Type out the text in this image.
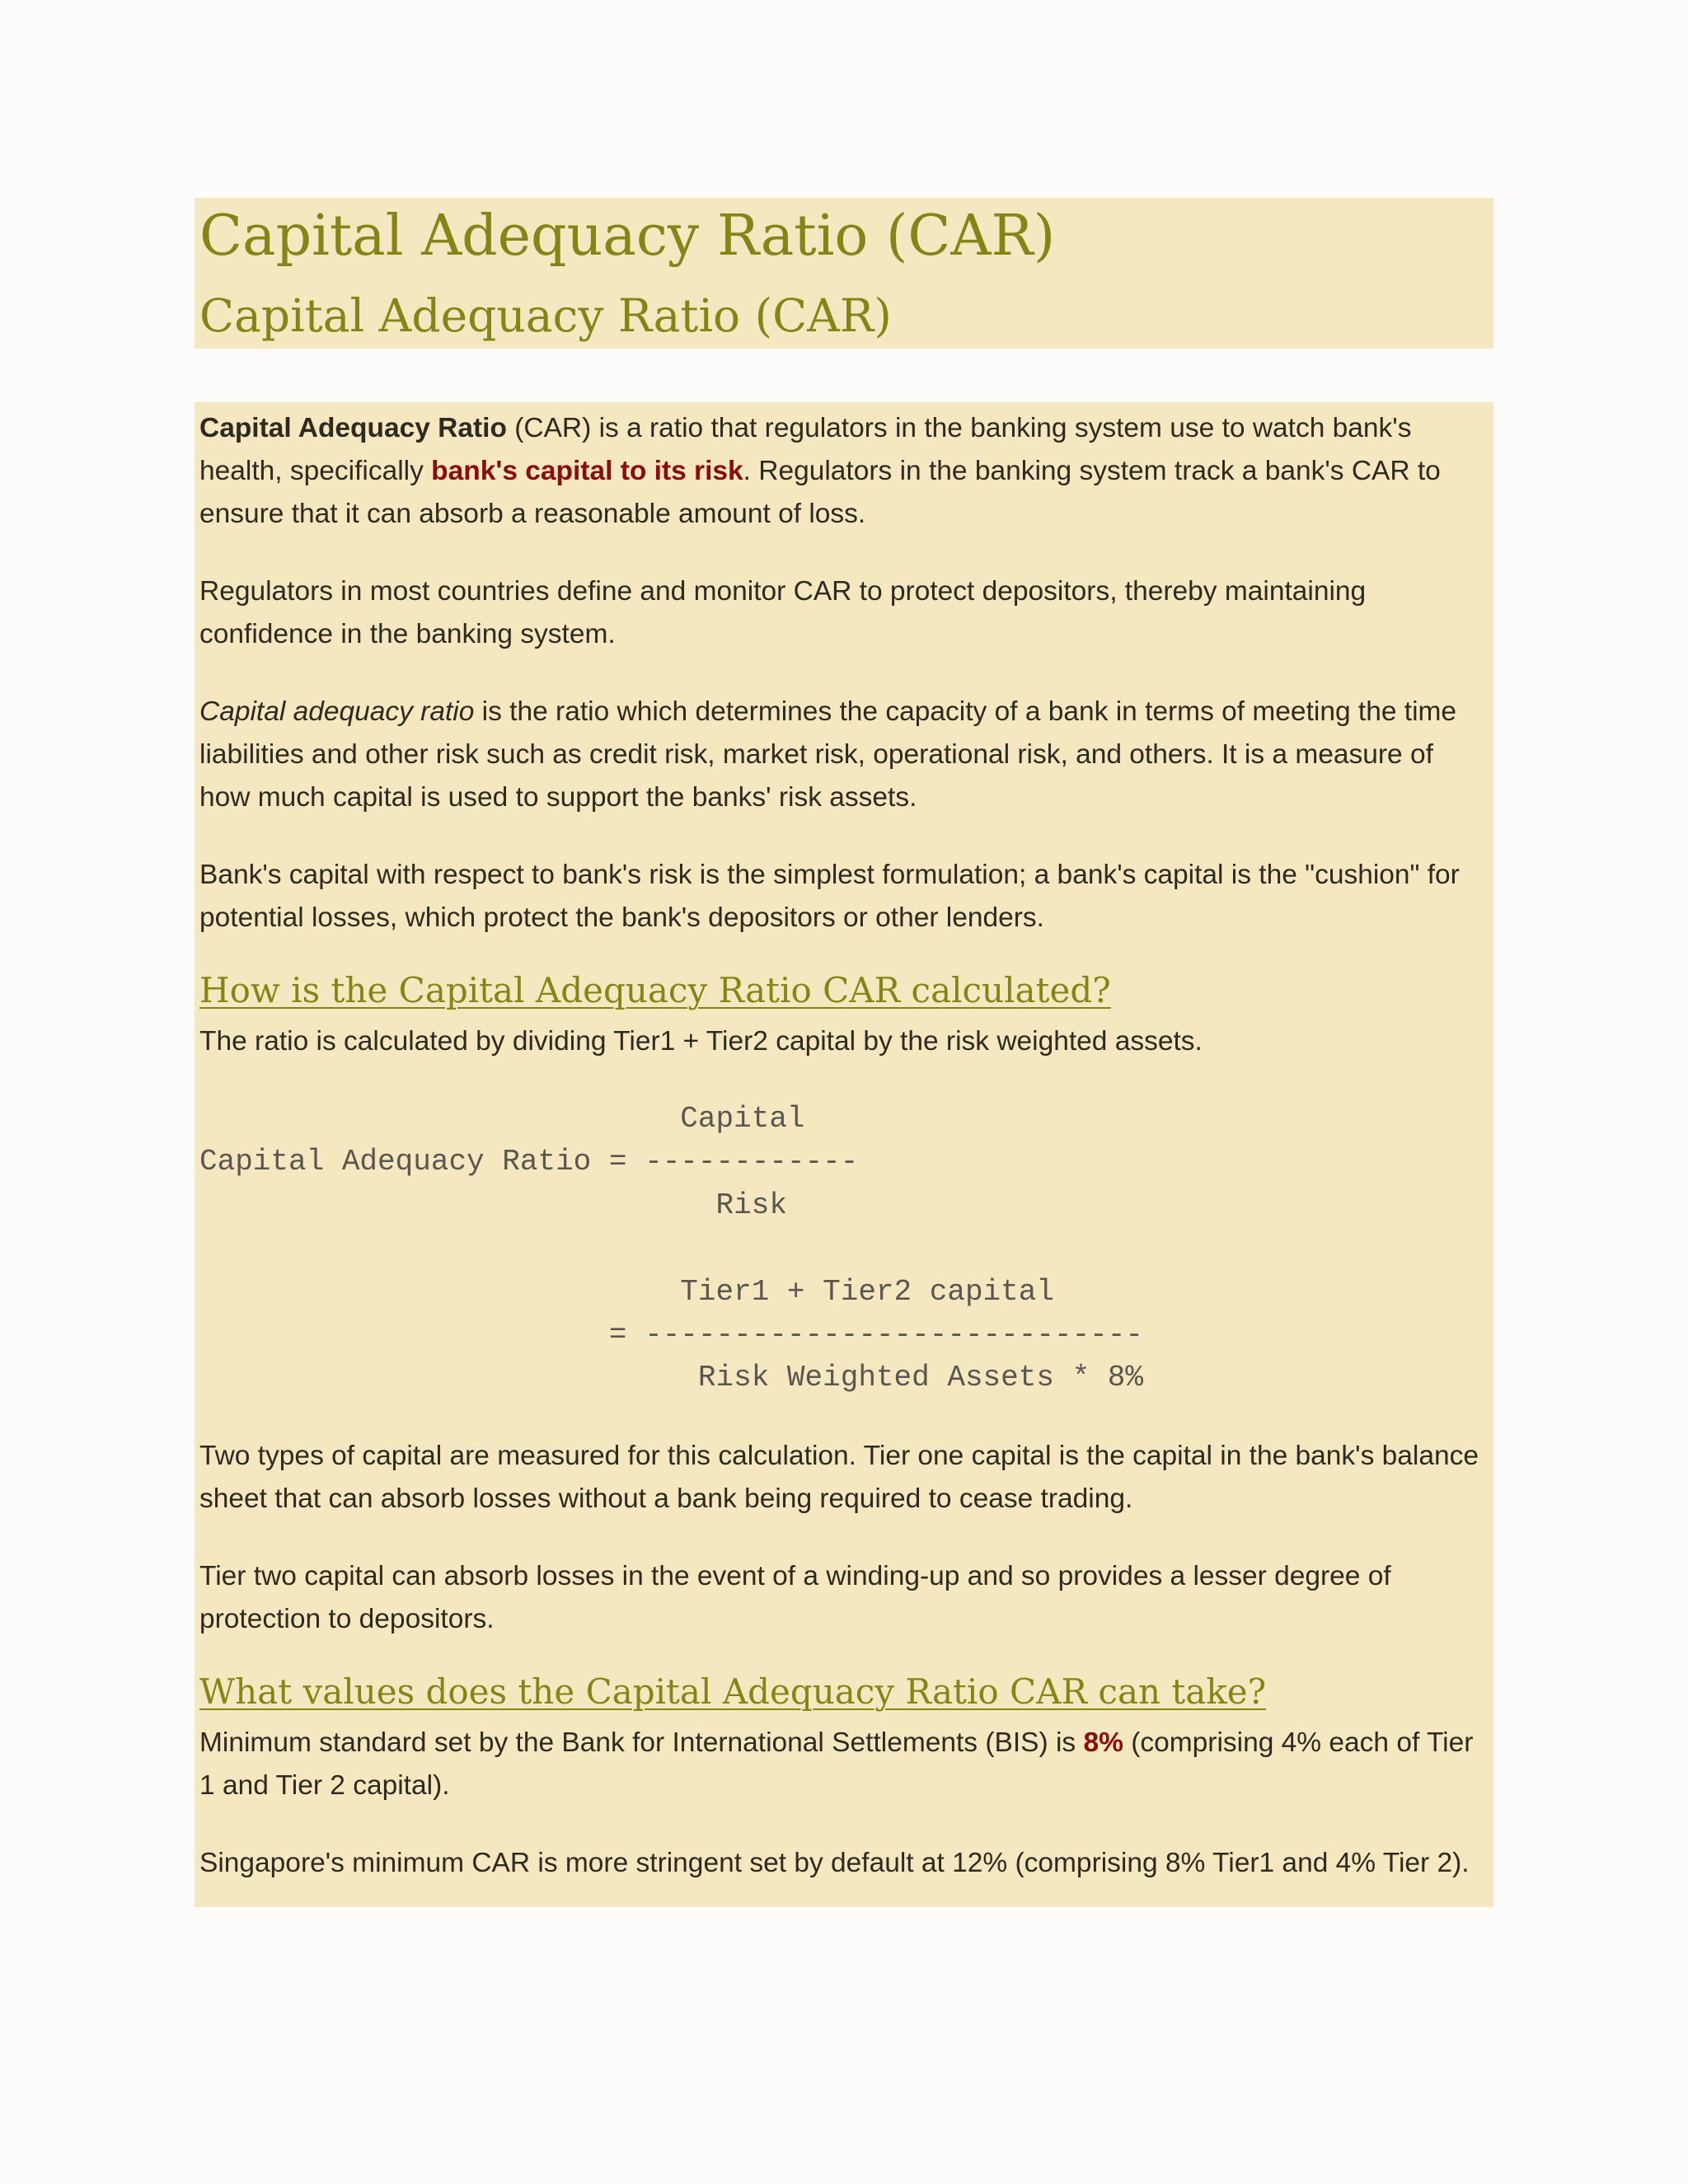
Capital Adequacy Ratio (CAR)
Capital Adequacy Ratio (CAR)

Capital Adequacy Ratio (CAR) is a ratio that regulators in the banking system use to watch bank's health, specifically bank's capital to its risk. Regulators in the banking system track a bank's CAR to ensure that it can absorb a reasonable amount of loss.

Regulators in most countries define and monitor CAR to protect depositors, thereby maintaining confidence in the banking system.

Capital adequacy ratio is the ratio which determines the capacity of a bank in terms of meeting the time liabilities and other risk such as credit risk, market risk, operational risk, and others. It is a measure of how much capital is used to support the banks' risk assets.

Bank's capital with respect to bank's risk is the simplest formulation; a bank's capital is the "cushion" for potential losses, which protect the bank's depositors or other lenders.

How is the Capital Adequacy Ratio CAR calculated?

The ratio is calculated by dividing Tier1 + Tier2 capital by the risk weighted assets.

Capital
Capital Adequacy Ratio = ------------
Risk

Tier1 + Tier2 capital
= ----------------------------
Risk Weighted Assets * 8%

Two types of capital are measured for this calculation. Tier one capital is the capital in the bank's balance sheet that can absorb losses without a bank being required to cease trading.

Tier two capital can absorb losses in the event of a winding-up and so provides a lesser degree of protection to depositors.

What values does the Capital Adequacy Ratio CAR can take?

Minimum standard set by the Bank for International Settlements (BIS) is 8% (comprising 4% each of Tier 1 and Tier 2 capital).

Singapore's minimum CAR is more stringent set by default at 12% (comprising 8% Tier1 and 4% Tier 2).
